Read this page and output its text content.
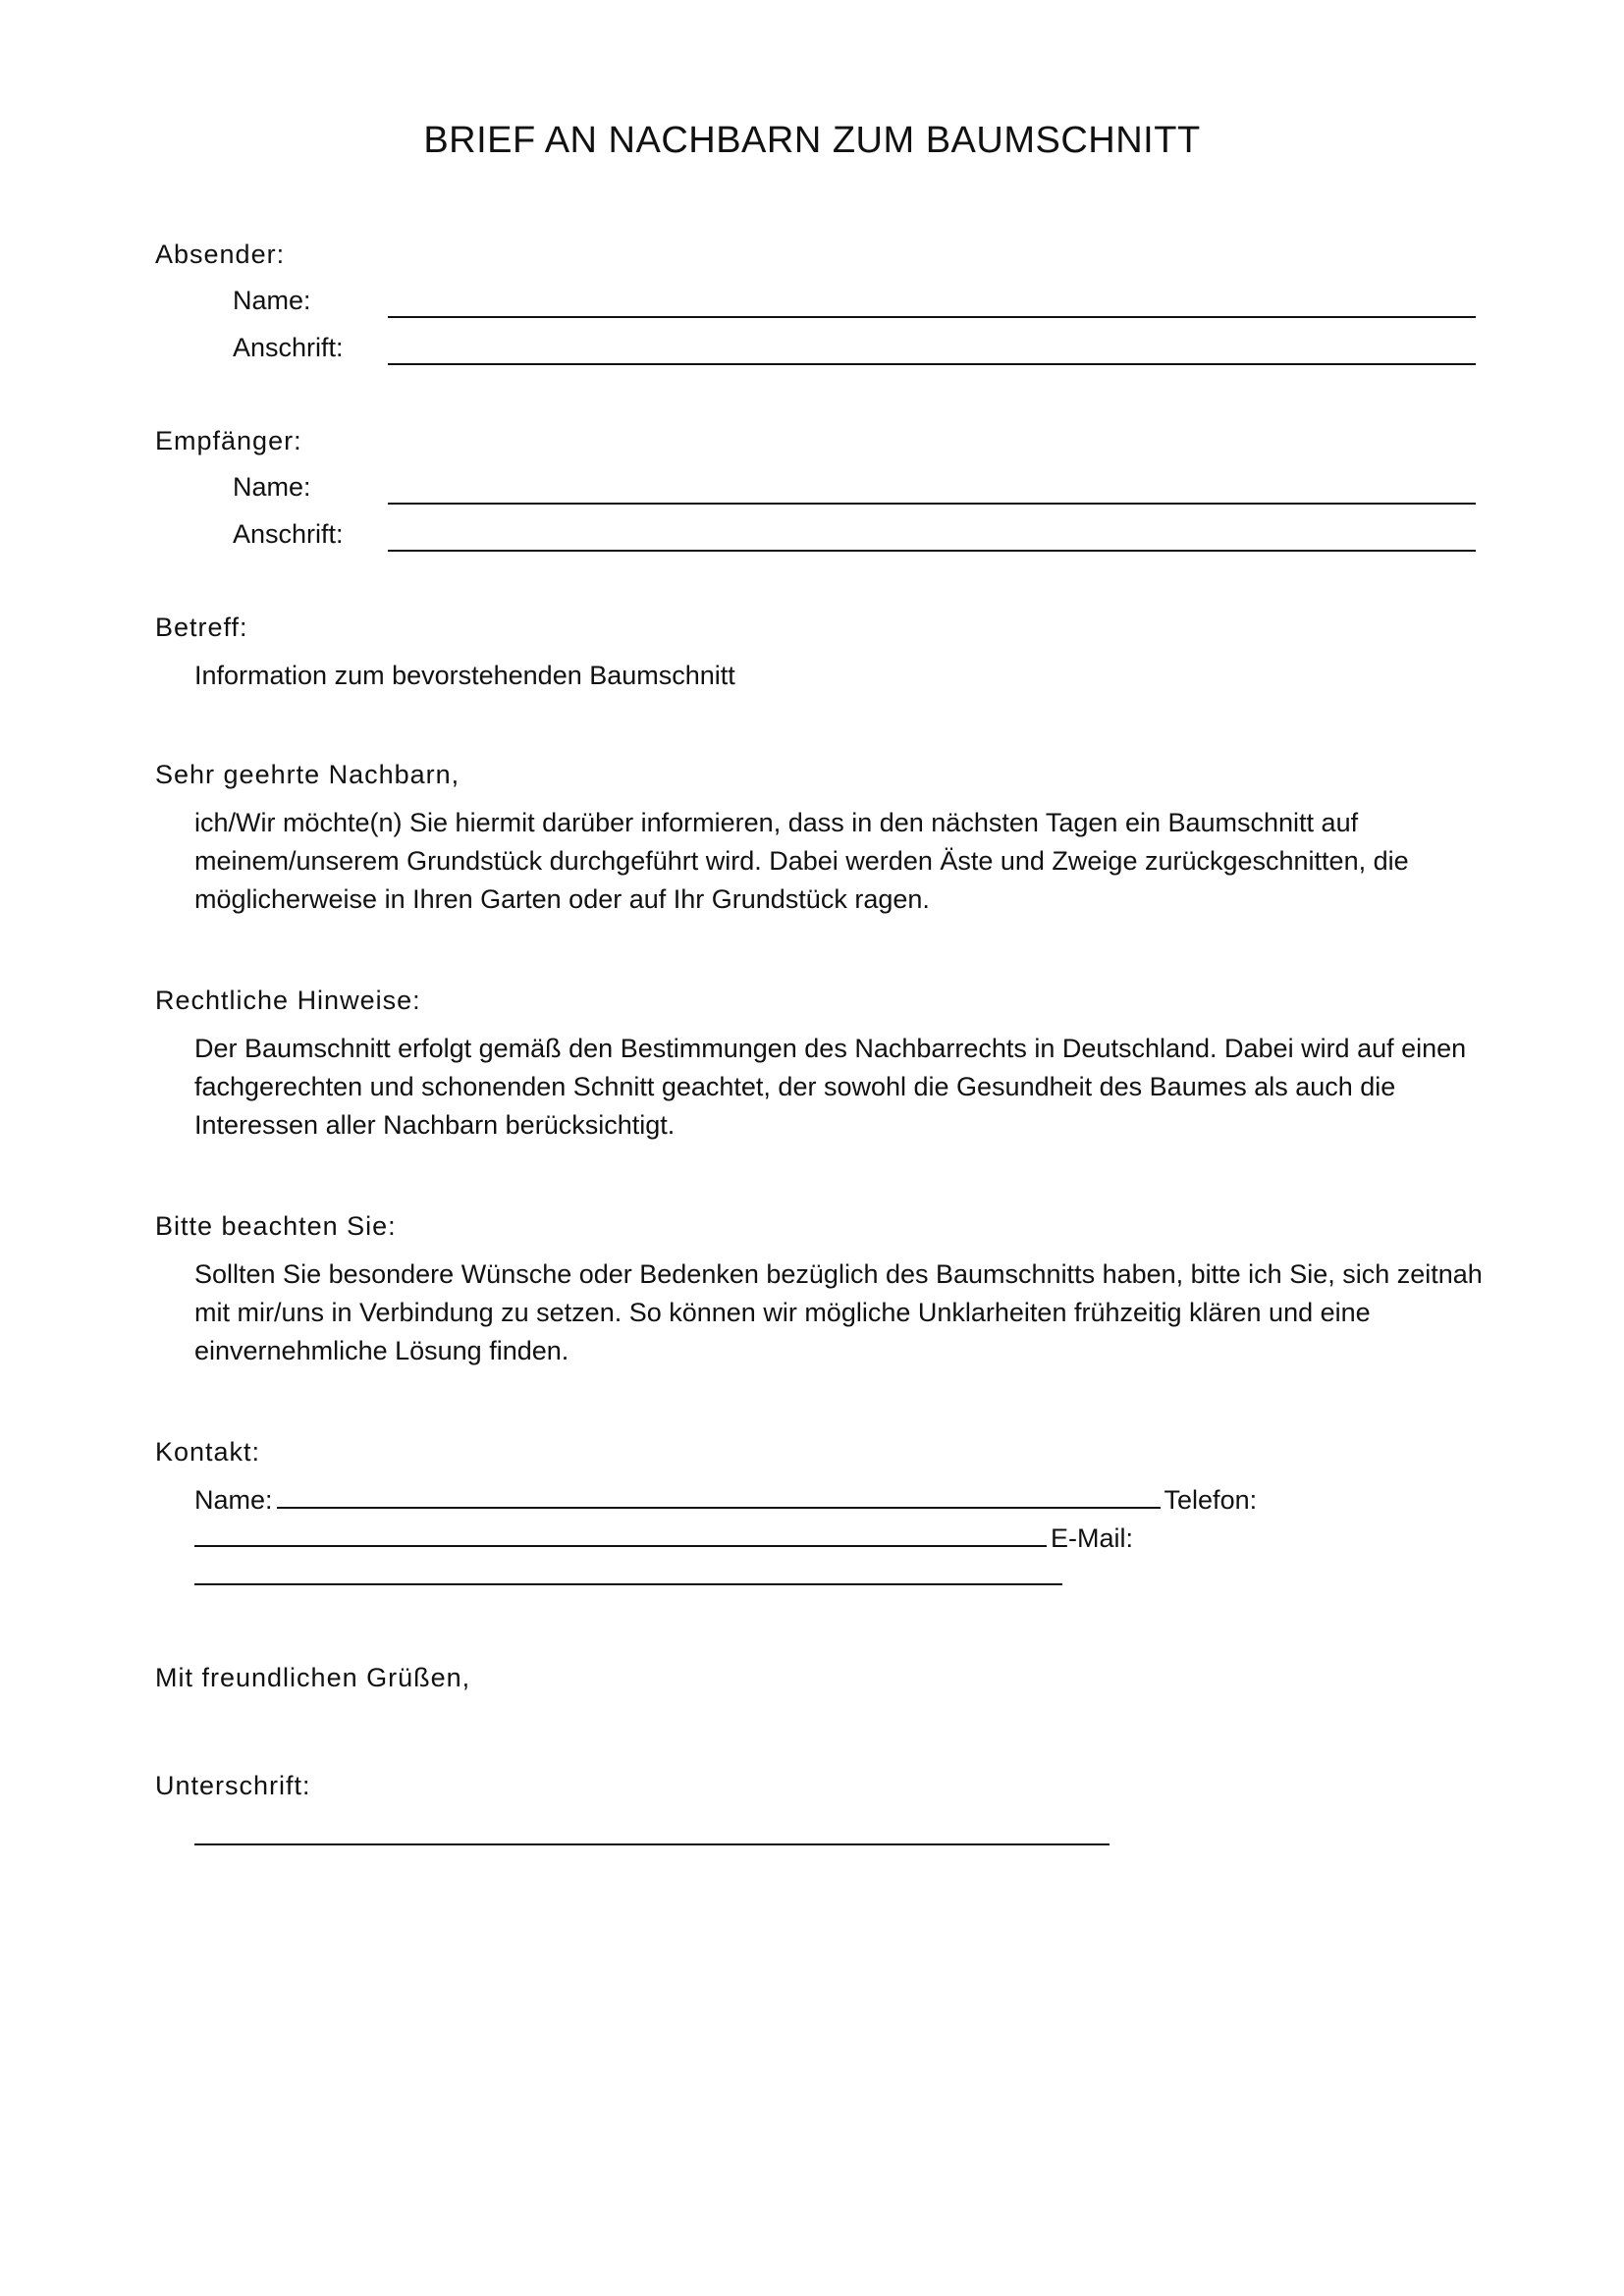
BRIEF AN NACHBARN ZUM BAUMSCHNITT
Absender:
Name:
Anschrift:
Empfänger:
Name:
Anschrift:
Betreff:
Information zum bevorstehenden Baumschnitt
Sehr geehrte Nachbarn,
ich/Wir möchte(n) Sie hiermit darüber informieren, dass in den nächsten Tagen ein Baumschnitt auf meinem/unserem Grundstück durchgeführt wird. Dabei werden Äste und Zweige zurückgeschnitten, die möglicherweise in Ihren Garten oder auf Ihr Grundstück ragen.
Rechtliche Hinweise:
Der Baumschnitt erfolgt gemäß den Bestimmungen des Nachbarrechts in Deutschland. Dabei wird auf einen fachgerechten und schonenden Schnitt geachtet, der sowohl die Gesundheit des Baumes als auch die Interessen aller Nachbarn berücksichtigt.
Bitte beachten Sie:
Sollten Sie besondere Wünsche oder Bedenken bezüglich des Baumschnitts haben, bitte ich Sie, sich zeitnah mit mir/uns in Verbindung zu setzen. So können wir mögliche Unklarheiten frühzeitig klären und eine einvernehmliche Lösung finden.
Kontakt:
Name:	Telefon:
E-Mail:
Mit freundlichen Grüßen,
Unterschrift:
